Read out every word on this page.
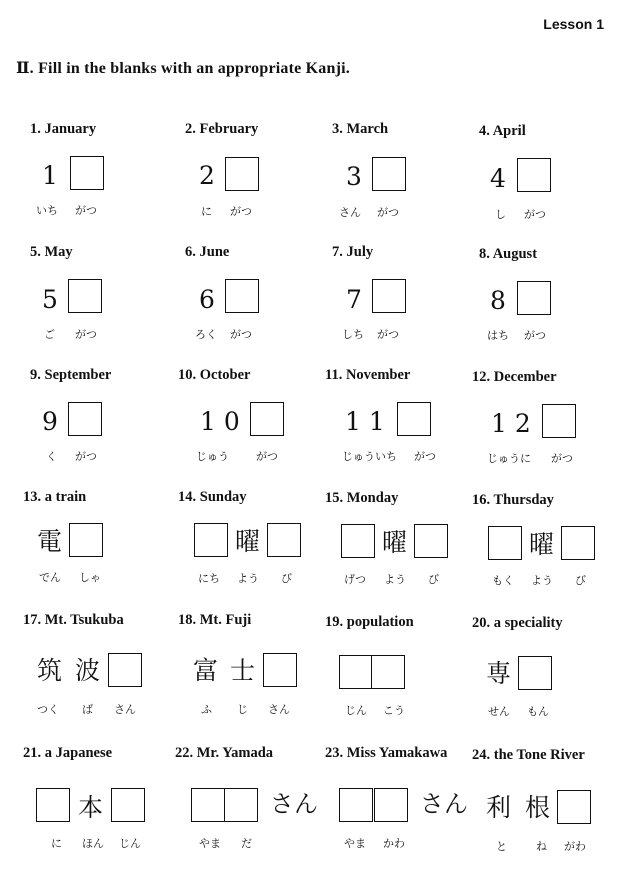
Lesson 1
Ⅱ. Fill in the blanks with an appropriate Kanji.
1. January
1
いち がつ
2. February
2
に がつ
3. March
3
さん がつ
4. April
4
し がつ
5. May
5
ご がつ
6. June
6
ろく がつ
7. July
7
しち がつ
8. August
8
はち がつ
9. September
9
く がつ
10. October
1 0
じゅう がつ
11. November
1 1
じゅういち がつ
12. December
1 2
じゅうに がつ
13. a train
電
でん しゃ
14. Sunday
曜
にち よう び
15. Monday
曜
げつ よう び
16. Thursday
曜
もく よう び
17. Mt. Tsukuba
筑 波
つく ば さん
18. Mt. Fuji
富 士
ふ じ さん
19. population
じん こう
20. a speciality
専
せん もん
21. a Japanese
本
に ほん じん
22. Mr. Yamada
さん
やま だ
23. Miss Yamakawa
さん
やま かわ
24. the Tone River
利 根
と	ね がわ
